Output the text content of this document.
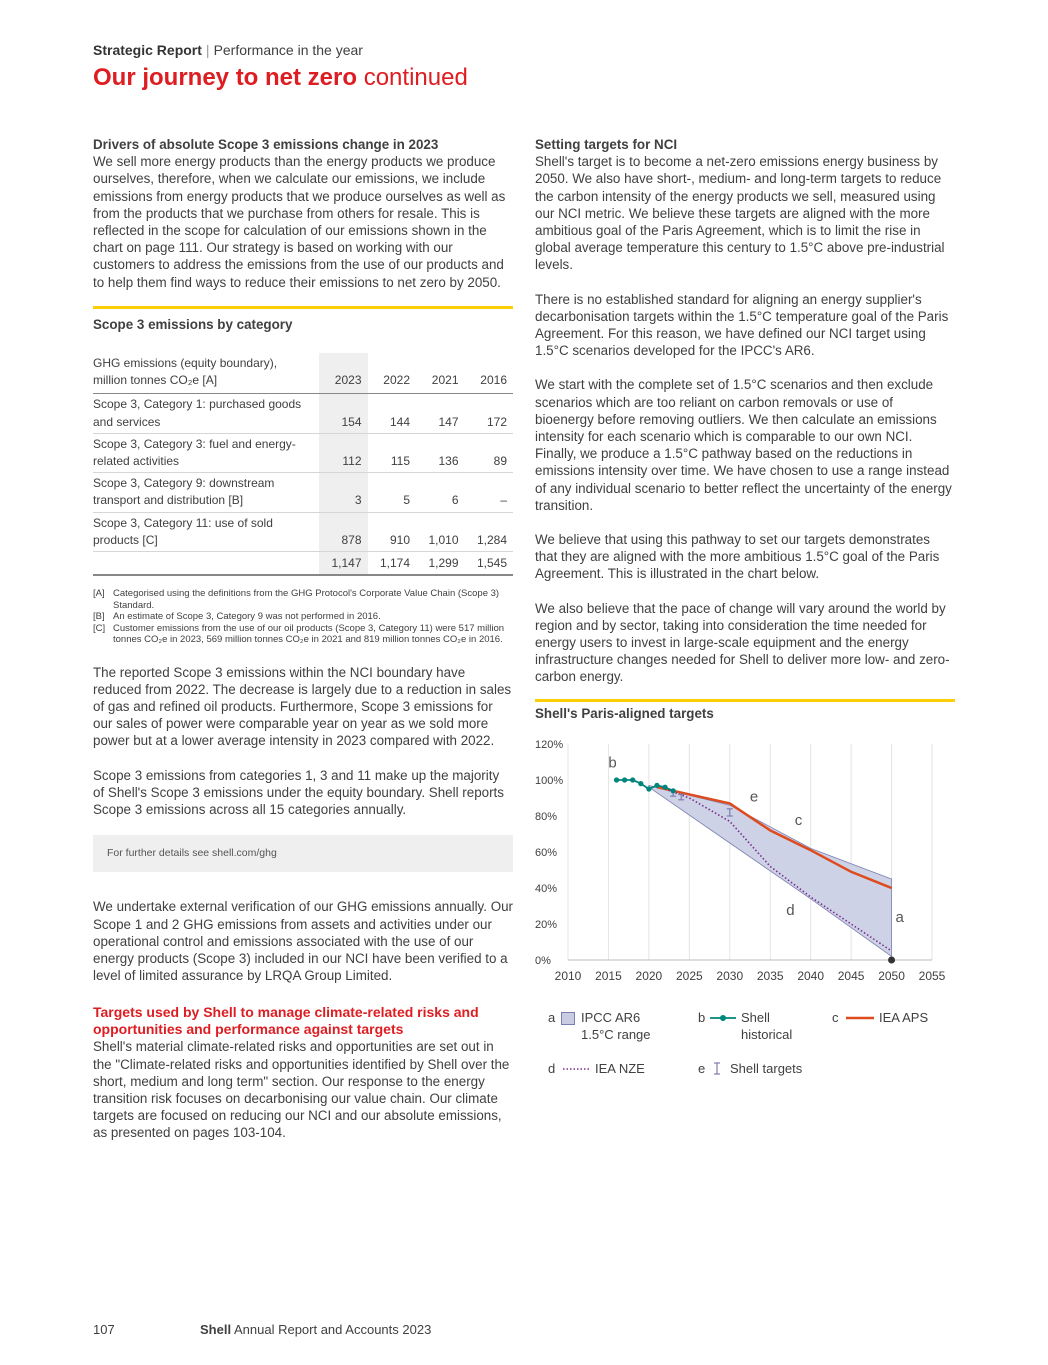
Strategic Report | Performance in the year
Our journey to net zero continued
Drivers of absolute Scope 3 emissions change in 2023

We sell more energy products than the energy products we produce ourselves, therefore, when we calculate our emissions, we include emissions from energy products that we produce ourselves as well as from the products that we purchase from others for resale. This is reflected in the scope for calculation of our emissions shown in the chart on page 111. Our strategy is based on working with our customers to address the emissions from the use of our products and to help them find ways to reduce their emissions to net zero by 2050.

Scope 3 emissions by category
GHG emissions (equity boundary), million tonnes CO₂e [A]	2023	2022	2021	2016
Scope 3, Category 1: purchased goods and services	154	144	147	172
Scope 3, Category 3: fuel and energy-related activities	112	115	136	89
Scope 3, Category 9: downstream transport and distribution [B]	3	5	6	–
Scope 3, Category 11: use of sold products [C]	878	910	1,010	1,284
	1,147	1,174	1,299	1,545
[A] Categorised using the definitions from the GHG Protocol's Corporate Value Chain (Scope 3) Standard.
[B] An estimate of Scope 3, Category 9 was not performed in 2016.
[C] Customer emissions from the use of our oil products (Scope 3, Category 11) were 517 million tonnes CO₂e in 2023, 569 million tonnes CO₂e in 2021 and 819 million tonnes CO₂e in 2016.

The reported Scope 3 emissions within the NCI boundary have reduced from 2022. The decrease is largely due to a reduction in sales of gas and refined oil products. Furthermore, Scope 3 emissions for our sales of power were comparable year on year as we sold more power but at a lower average intensity in 2023 compared with 2022.

Scope 3 emissions from categories 1, 3 and 11 make up the majority of Shell's Scope 3 emissions under the equity boundary. Shell reports Scope 3 emissions across all 15 categories annually.

For further details see shell.com/ghg

We undertake external verification of our GHG emissions annually. Our Scope 1 and 2 GHG emissions from assets and activities under our operational control and emissions associated with the use of our energy products (Scope 3) included in our NCI have been verified to a level of limited assurance by LRQA Group Limited.

Targets used by Shell to manage climate-related risks and opportunities and performance against targets

Shell's material climate-related risks and opportunities are set out in the "Climate-related risks and opportunities identified by Shell over the short, medium and long term" section. Our response to the energy transition risk focuses on decarbonising our value chain. Our climate targets are focused on reducing our NCI and our absolute emissions, as presented on pages 103-104.

Setting targets for NCI

Shell's target is to become a net-zero emissions energy business by 2050. We also have short-, medium- and long-term targets to reduce the carbon intensity of the energy products we sell, measured using our NCI metric. We believe these targets are aligned with the more ambitious goal of the Paris Agreement, which is to limit the rise in global average temperature this century to 1.5°C above pre-industrial levels.

There is no established standard for aligning an energy supplier's decarbonisation targets within the 1.5°C temperature goal of the Paris Agreement. For this reason, we have defined our NCI target using 1.5°C scenarios developed for the IPCC's AR6.

We start with the complete set of 1.5°C scenarios and then exclude scenarios which are too reliant on carbon removals or use of bioenergy before removing outliers. We then calculate an emissions intensity for each scenario which is comparable to our own NCI. Finally, we produce a 1.5°C pathway based on the reductions in emissions intensity over time. We have chosen to use a range instead of any individual scenario to better reflect the uncertainty of the energy transition.

We believe that using this pathway to set our targets demonstrates that they are aligned with the more ambitious 1.5°C goal of the Paris Agreement. This is illustrated in the chart below.

We also believe that the pace of change will vary around the world by region and by sector, taking into consideration the time needed for energy users to invest in large-scale equipment and the energy infrastructure changes needed for Shell to deliver more low- and zero-carbon energy.

Shell's Paris-aligned targets
2010 2015 2020 2025 2030 2035 2040 2045 2050 2055
0%
20%
40%
60%
80%
100%
120%
b
e
c
d	a
a IPCC AR6
1.5°C range
b	Shell
historical
c	IEA APS
d	IEA NZE	e Shell targets
107	Shell Annual Report and Accounts 2023
